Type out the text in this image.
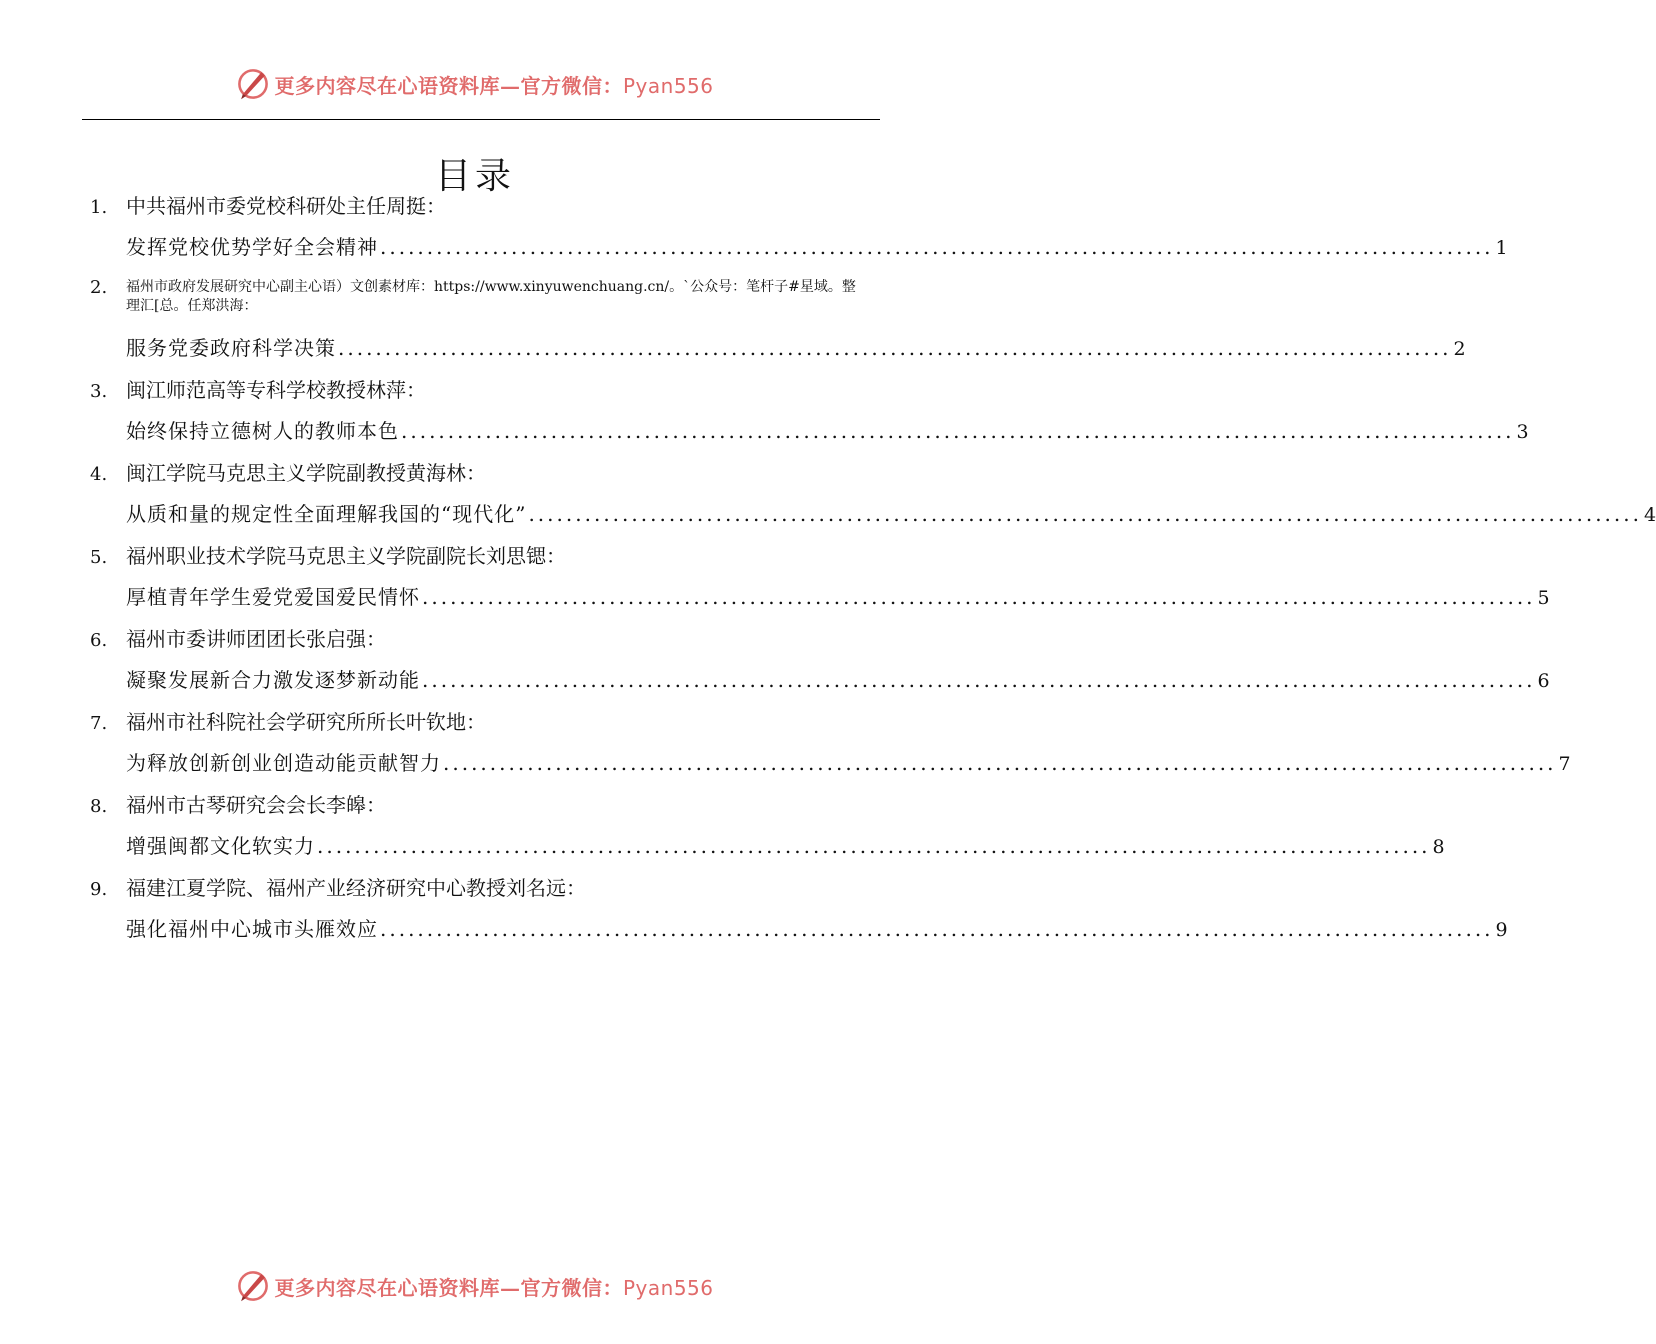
更多内容尽在心语资料库—官方微信：Pyan556
目录
1. 中共福州市委党校科研处主任周挺：
发挥党校优势学好全会精神 ....................................................................................................................... 1
2. 福州市政府发展研究中心副主心语）文创素材库：https://www.xinyuwenchuang.cn/。`公众号：笔杆子#星域。整理汇[总。任郑洪海：
服务党委政府科学决策 ....................................................................................................................... 2
3. 闽江师范高等专科学校教授林萍：
始终保持立德树人的教师本色 ....................................................................................................................... 3
4. 闽江学院马克思主义学院副教授黄海林：
从质和量的规定性全面理解我国的“现代化” ....................................................................................................................... 4
5. 福州职业技术学院马克思主义学院副院长刘思锶：
厚植青年学生爱党爱国爱民情怀 ....................................................................................................................... 5
6. 福州市委讲师团团长张启强：
凝聚发展新合力激发逐梦新动能 ....................................................................................................................... 6
7. 福州市社科院社会学研究所所长叶钦地：
为释放创新创业创造动能贡献智力 ....................................................................................................................... 7
8. 福州市古琴研究会会长李皞：
增强闽都文化软实力 ....................................................................................................................... 8
9. 福建江夏学院、福州产业经济研究中心教授刘名远：
强化福州中心城市头雁效应 ....................................................................................................................... 9
更多内容尽在心语资料库—官方微信：Pyan556
